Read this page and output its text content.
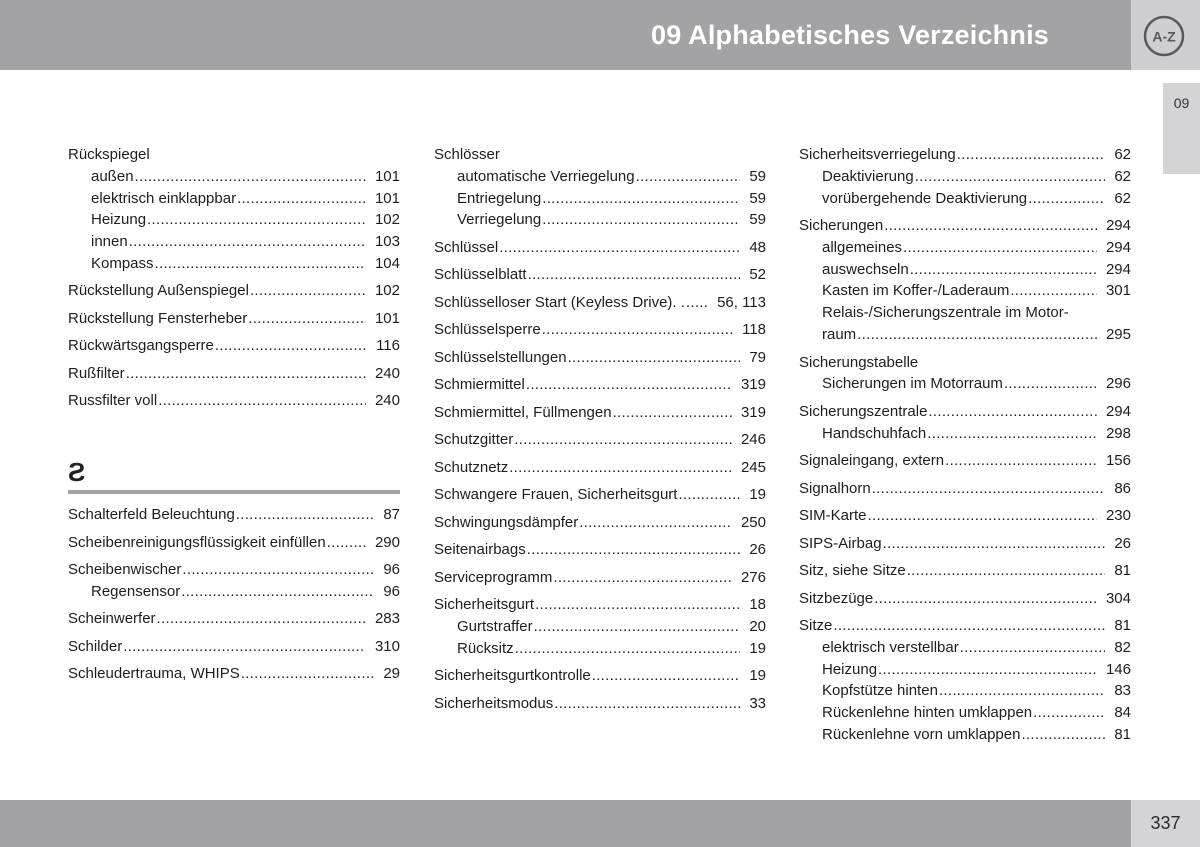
09 Alphabetisches Verzeichnis	A-Z
09
Rückspiegel
außen .....	101
elektrisch einklappbar .....	101
Heizung .....	102
innen .....	103
Kompass .....	104
Rückstellung Außenspiegel .....	102
Rückstellung Fensterheber .....	101
Rückwärtsgangsperre .....	116
Rußfilter .....	240
Russfilter voll .....	240
S
Schalterfeld Beleuchtung .....	87
Scheibenreinigungsflüssigkeit einfüllen .....	290
Scheibenwischer .....	96
Regensensor .....	96
Scheinwerfer .....	283
Schilder .....	310
Schleudertrauma, WHIPS .....	29
Schlösser
automatische Verriegelung .....	59
Entriegelung .....	59
Verriegelung .....	59
Schlüssel .....	48
Schlüsselblatt .....	52
Schlüsselloser Start (Keyless Drive). . .....	56, 113
Schlüsselsperre .....	118
Schlüsselstellungen .....	79
Schmiermittel .....	319
Schmiermittel, Füllmengen .....	319
Schutzgitter .....	246
Schutznetz .....	245
Schwangere Frauen, Sicherheitsgurt .....	19
Schwingungsdämpfer .....	250
Seitenairbags .....	26
Serviceprogramm .....	276
Sicherheitsgurt .....	18
Gurtstraffer .....	20
Rücksitz .....	19
Sicherheitsgurtkontrolle .....	19
Sicherheitsmodus .....	33
Sicherheitsverriegelung .....	62
Deaktivierung .....	62
vorübergehende Deaktivierung .....	62
Sicherungen .....	294
allgemeines .....	294
auswechseln .....	294
Kasten im Koffer-/Laderaum .....	301
Relais-/Sicherungszentrale im Motor-
raum .....	295
Sicherungstabelle
Sicherungen im Motorraum .....	296
Sicherungszentrale .....	294
Handschuhfach .....	298
Signaleingang, extern .....	156
Signalhorn .....	86
SIM-Karte .....	230
SIPS-Airbag .....	26
Sitz, siehe Sitze .....	81
Sitzbezüge .....	304
Sitze .....	81
elektrisch verstellbar .....	82
Heizung .....	146
Kopfstütze hinten .....	83
Rückenlehne hinten umklappen .....	84
Rückenlehne vorn umklappen .....	81
337
